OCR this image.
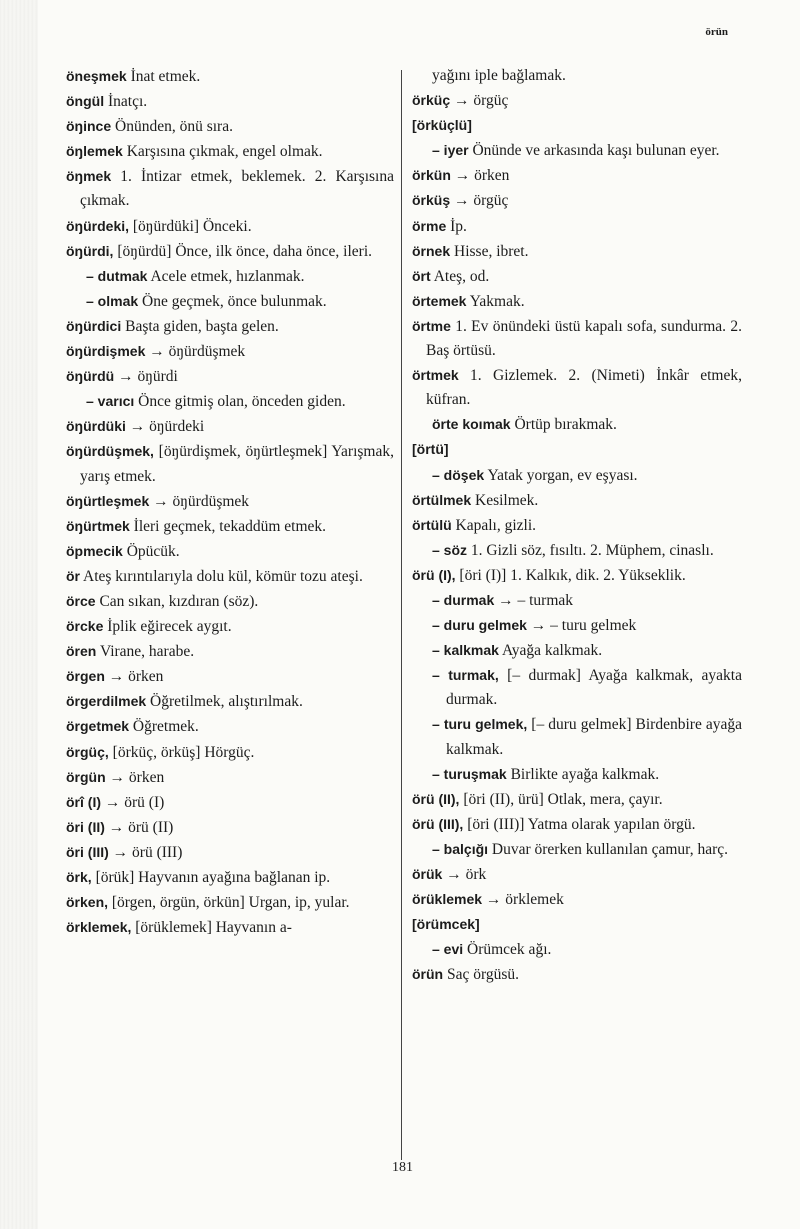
örün

öneşmek İnat etmek.

öngül İnatçı.

öŋince Önünden, önü sıra.

öŋlemek Karşısına çıkmak, engel olmak.

öŋmek 1. İntizar etmek, beklemek. 2. Karşısına çıkmak.

öŋürdeki, [öŋürdüki] Önceki.

öŋürdi, [öŋürdü] Önce, ilk önce, daha önce, ileri.

– dutmak Acele etmek, hızlanmak.

– olmak Öne geçmek, önce bulunmak.

öŋürdici Başta giden, başta gelen.

öŋürdişmek → öŋürdüşmek

öŋürdü → öŋürdi

– varıcı Önce gitmiş olan, önceden giden.

öŋürdüki → öŋürdeki

öŋürdüşmek, [öŋürdişmek, öŋürtleşmek] Yarışmak, yarış etmek.

öŋürtleşmek → öŋürdüşmek

öŋürtmek İleri geçmek, tekaddüm etmek.

öpmecik Öpücük.

ör Ateş kırıntılarıyla dolu kül, kömür tozu ateşi.

örce Can sıkan, kızdıran (söz).

örcke İplik eğirecek aygıt.

ören Virane, harabe.

örgen → örken

örgerdilmek Öğretilmek, alıştırılmak.

örgetmek Öğretmek.

örgüç, [örküç, örküş] Hörgüç.

örgün → örken

örî (I) → örü (I)

öri (II) → örü (II)

öri (III) → örü (III)

örk, [örük] Hayvanın ayağına bağlanan ip.

örken, [örgen, örgün, örkün] Urgan, ip, yular.

örklemek, [örüklemek] Hayvanın a-

yağını iple bağlamak.

örküç → örgüç

[örküçlü]

– iyer Önünde ve arkasında kaşı bulunan eyer.

örkün → örken

örküş → örgüç

örme İp.

örnek Hisse, ibret.

ört Ateş, od.

örtemek Yakmak.

örtme 1. Ev önündeki üstü kapalı sofa, sundurma. 2. Baş örtüsü.

örtmek 1. Gizlemek. 2. (Nimeti) İnkâr etmek, küfran.

örte koımak Örtüp bırakmak.

[örtü]

– döşek Yatak yorgan, ev eşyası.

örtülmek Kesilmek.

örtülü Kapalı, gizli.

– söz 1. Gizli söz, fısıltı. 2. Müphem, cinaslı.

örü (I), [öri (I)] 1. Kalkık, dik. 2. Yükseklik.

– durmak → – turmak

– duru gelmek → – turu gelmek

– kalkmak Ayağa kalkmak.

– turmak, [– durmak] Ayağa kalkmak, ayakta durmak.

– turu gelmek, [– duru gelmek] Birdenbire ayağa kalkmak.

– turuşmak Birlikte ayağa kalkmak.

örü (II), [öri (II), ürü] Otlak, mera, çayır.

örü (III), [öri (III)] Yatma olarak yapılan örgü.

– balçığı Duvar örerken kullanılan çamur, harç.

örük → örk

örüklemek → örklemek

[örümcek]

– evi Örümcek ağı.

örün Saç örgüsü.

181
